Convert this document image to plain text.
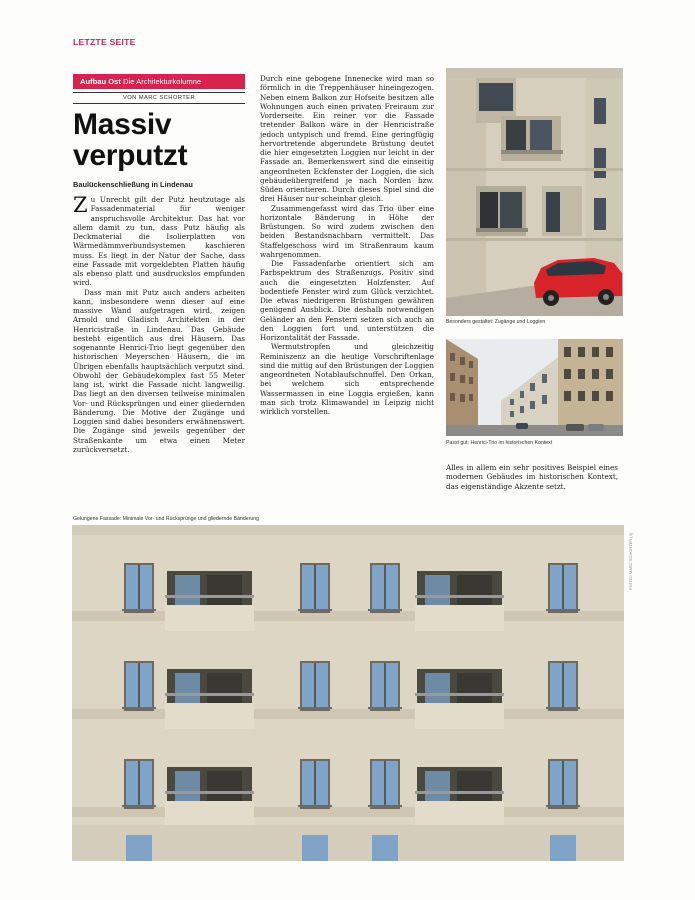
LETZTE SEITE
Aufbau Ost Die Architekturkolumne
VON MARC SCHORTER
Massiv
verputzt
Baulückenschließung in Lindenau

Zu Unrecht gilt der Putz heutzutage als Fassadenmaterial für weniger anspruchsvolle Architektur. Das hat vor allem damit zu tun, dass Putz häufig als Deckmaterial die Isolierplatten von Wärmedämmverbundsystemen kaschieren muss. Es liegt in der Natur der Sache, dass eine Fassade mit vorgeklebten Platten häufig als ebenso platt und ausdruckslos empfunden wird.

Dass man mit Putz auch anders arbeiten kann, insbesondere wenn dieser auf eine massive Wand aufgetragen wird, zeigen Arnold und Gladisch Architekten in der Henricistraße in Lindenau. Das Gebäude besteht eigentlich aus drei Häusern. Das sogenannte Henrici-Trio liegt gegenüber den historischen Meyerschen Häusern, die im Übrigen ebenfalls hauptsächlich verputzt sind. Obwohl der Gebäudekomplex fast 55 Meter lang ist, wirkt die Fassade nicht langweilig. Das liegt an den diversen teilweise minimalen Vor- und Rücksprüngen und einer gliedernden Bänderung. Die Motive der Zugänge und Loggien sind dabei besonders erwähnenswert. Die Zugänge sind jeweils gegenüber der Straßenkante um etwa einen Meter zurückversetzt.

Durch eine gebogene Innenecke wird man so förmlich in die Treppenhäuser hineingezogen. Neben einem Balkon zur Hofseite besitzen alle Wohnungen auch einen privaten Freiraum zur Vorderseite. Ein reiner vor die Fassade tretender Balkon wäre in der Henricistraße jedoch untypisch und fremd. Eine geringfügig hervortretende abgerundete Brüstung deutet die hier eingesetzten Loggien nur leicht in der Fassade an. Bemerkenswert sind die einseitig angeordneten Eckfenster der Loggien, die sich gebäudeübergreifend je nach Norden bzw. Süden orientieren. Durch dieses Spiel sind die drei Häuser nur scheinbar gleich.

Zusammengefasst wird das Trio über eine horizontale Bänderung in Höhe der Brüstungen. So wird zudem zwischen den beiden Bestandsnachbarn vermittelt. Das Staffelgeschoss wird im Straßenraum kaum wahrgenommen.

Die Fassadenfarbe orientiert sich am Farbspektrum des Straßenzugs. Positiv sind auch die eingesetzten Holzfenster. Auf bodentiefe Fenster wird zum Glück verzichtet. Die etwas niedrigeren Brüstungen gewähren genügend Ausblick. Die deshalb notwendigen Geländer an den Fenstern setzen sich auch an den Loggien fort und unterstützen die Horizontalität der Fassade.

Wermutstropfen und gleichzeitig Reminiszenz an die heutige Vorschriftenlage sind die mittig auf den Brüstungen der Loggien angeordneten Notablaufschnuffel. Den Orkan, bei welchem sich entsprechende Wassermassen in eine Loggia ergießen, kann man sich trotz Klimawandel in Leipzig nicht wirklich vorstellen.

Besonders gestaltet: Zugänge und Loggien
Passt gut: Henrici-Trio im historischen Kontext
Alles in allem ein sehr positives Beispiel eines modernen Gebäudes im historischen Kontext, das eigenständige Akzente setzt.
Gelungene Fassade: Minimale Vor- und Rücksprünge und gliedernde Bänderung
FOTOS: MARC SCHORTER (3)
